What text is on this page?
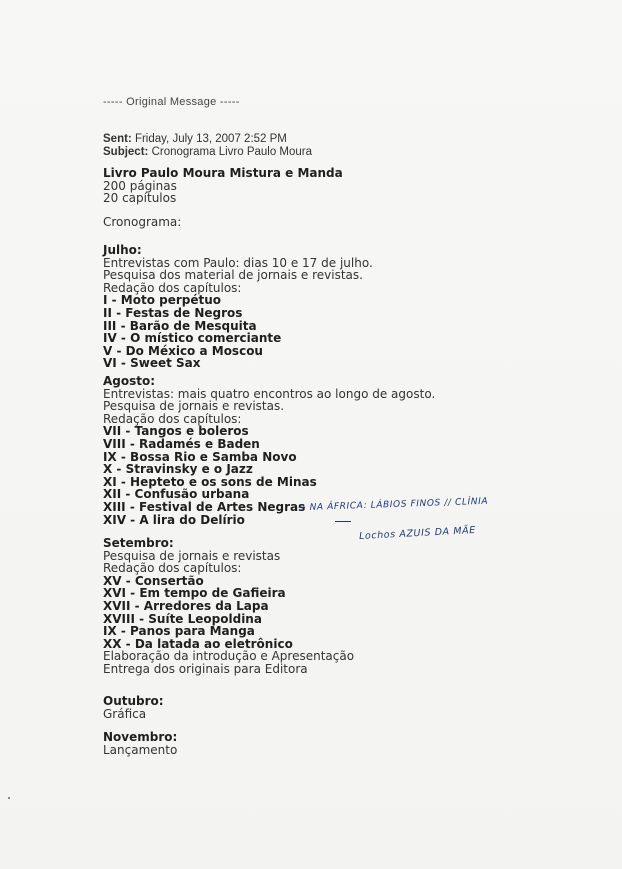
----- Original Message -----
Sent: Friday, July 13, 2007 2:52 PM
Subject: Cronograma Livro Paulo Moura
Livro Paulo Moura Mistura e Manda
200 páginas
20 capítulos
Cronograma:
Julho:
Entrevistas com Paulo: dias 10 e 17 de julho.
Pesquisa dos material de jornais e revistas.
Redação dos capítulos:
I - Moto perpétuo
II - Festas de Negros
III - Barão de Mesquita
IV - O místico comerciante
V - Do México a Moscou
VI - Sweet Sax
Agosto:
Entrevistas: mais quatro encontros ao longo de agosto.
Pesquisa de jornais e revistas.
Redação dos capítulos:
VII - Tangos e boleros
VIII - Radamés e Baden
IX - Bossa Rio e Samba Novo
X - Stravinsky e o Jazz
XI - Hepteto e os sons de Minas
XII - Confusão urbana
XIII - Festival de Artes Negras
XIV - A lira do Delírio
→ NA ÁFRICA: LÁBIOS FINOS // CLÍNIA
Lochos AZUIS DA MÃE
Setembro:
Pesquisa de jornais e revistas
Redação dos capítulos:
XV - Consertão
XVI - Em tempo de Gafieira
XVII - Arredores da Lapa
XVIII - Suíte Leopoldina
IX - Panos para Manga
XX - Da latada ao eletrônico
Elaboração da introdução e Apresentação
Entrega dos originais para Editora
Outubro:
Gráfica
Novembro:
Lançamento
